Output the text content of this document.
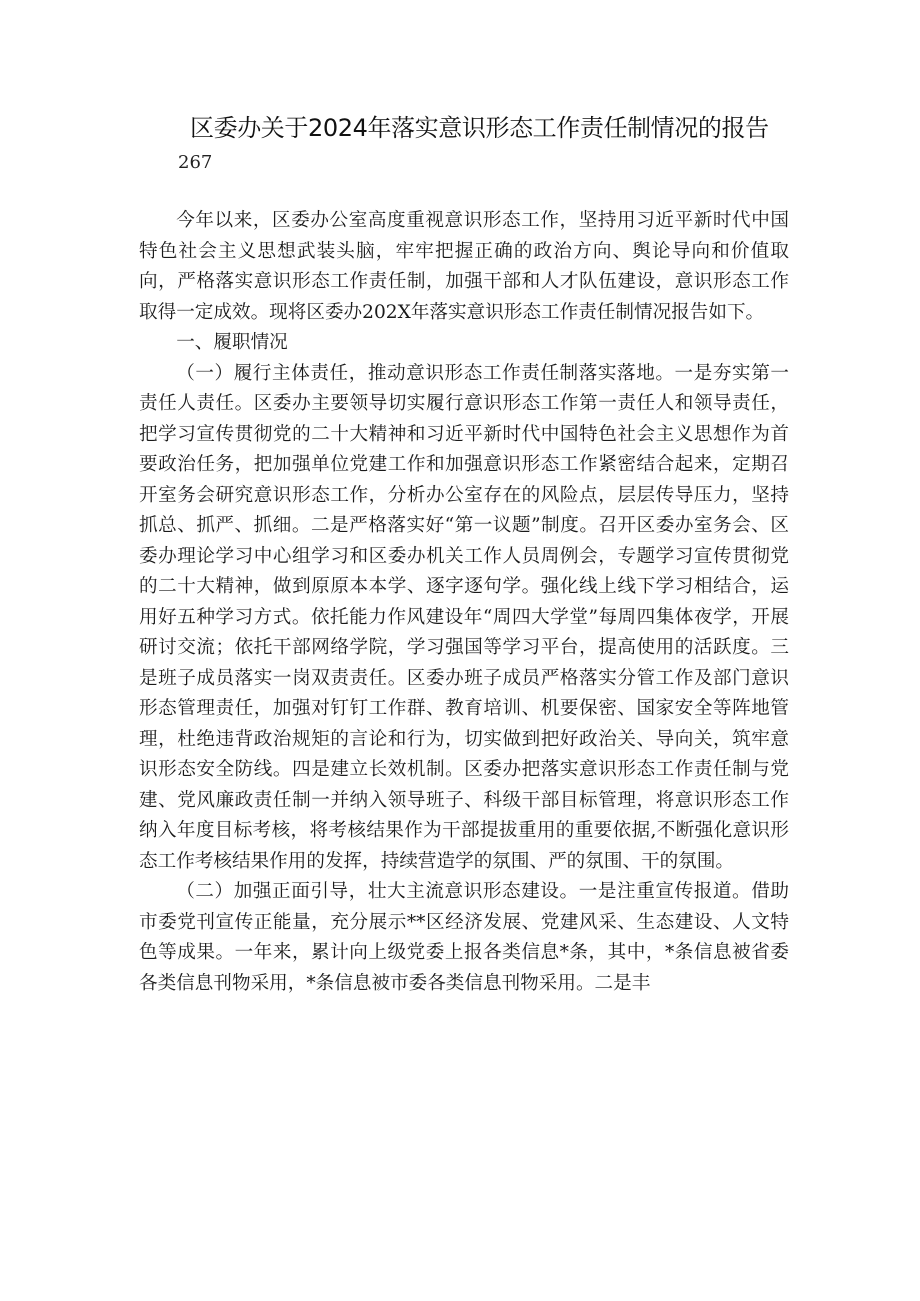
区委办关于2024年落实意识形态工作责任制情况的报告
267

今年以来，区委办公室高度重视意识形态工作，坚持用习近平新时代中国特色社会主义思想武装头脑，牢牢把握正确的政治方向、舆论导向和价值取向，严格落实意识形态工作责任制，加强干部和人才队伍建设，意识形态工作取得一定成效。现将区委办202X年落实意识形态工作责任制情况报告如下。

一、履职情况

（一）履行主体责任，推动意识形态工作责任制落实落地。一是夯实第一责任人责任。区委办主要领导切实履行意识形态工作第一责任人和领导责任，把学习宣传贯彻党的二十大精神和习近平新时代中国特色社会主义思想作为首要政治任务，把加强单位党建工作和加强意识形态工作紧密结合起来，定期召开室务会研究意识形态工作，分析办公室存在的风险点，层层传导压力，坚持抓总、抓严、抓细。二是严格落实好“第一议题”制度。召开区委办室务会、区委办理论学习中心组学习和区委办机关工作人员周例会，专题学习宣传贯彻党的二十大精神，做到原原本本学、逐字逐句学。强化线上线下学习相结合，运用好五种学习方式。依托能力作风建设年“周四大学堂”每周四集体夜学，开展研讨交流；依托干部网络学院，学习强国等学习平台，提高使用的活跃度。三是班子成员落实一岗双责责任。区委办班子成员严格落实分管工作及部门意识形态管理责任，加强对钉钉工作群、教育培训、机要保密、国家安全等阵地管理，杜绝违背政治规矩的言论和行为，切实做到把好政治关、导向关，筑牢意识形态安全防线。四是建立长效机制。区委办把落实意识形态工作责任制与党建、党风廉政责任制一并纳入领导班子、科级干部目标管理，将意识形态工作纳入年度目标考核，将考核结果作为干部提拔重用的重要依据,不断强化意识形态工作考核结果作用的发挥，持续营造学的氛围、严的氛围、干的氛围。

（二）加强正面引导，壮大主流意识形态建设。一是注重宣传报道。借助市委党刊宣传正能量，充分展示**区经济发展、党建风采、生态建设、人文特色等成果。一年来，累计向上级党委上报各类信息*条，其中，*条信息被省委各类信息刊物采用，*条信息被市委各类信息刊物采用。二是丰
